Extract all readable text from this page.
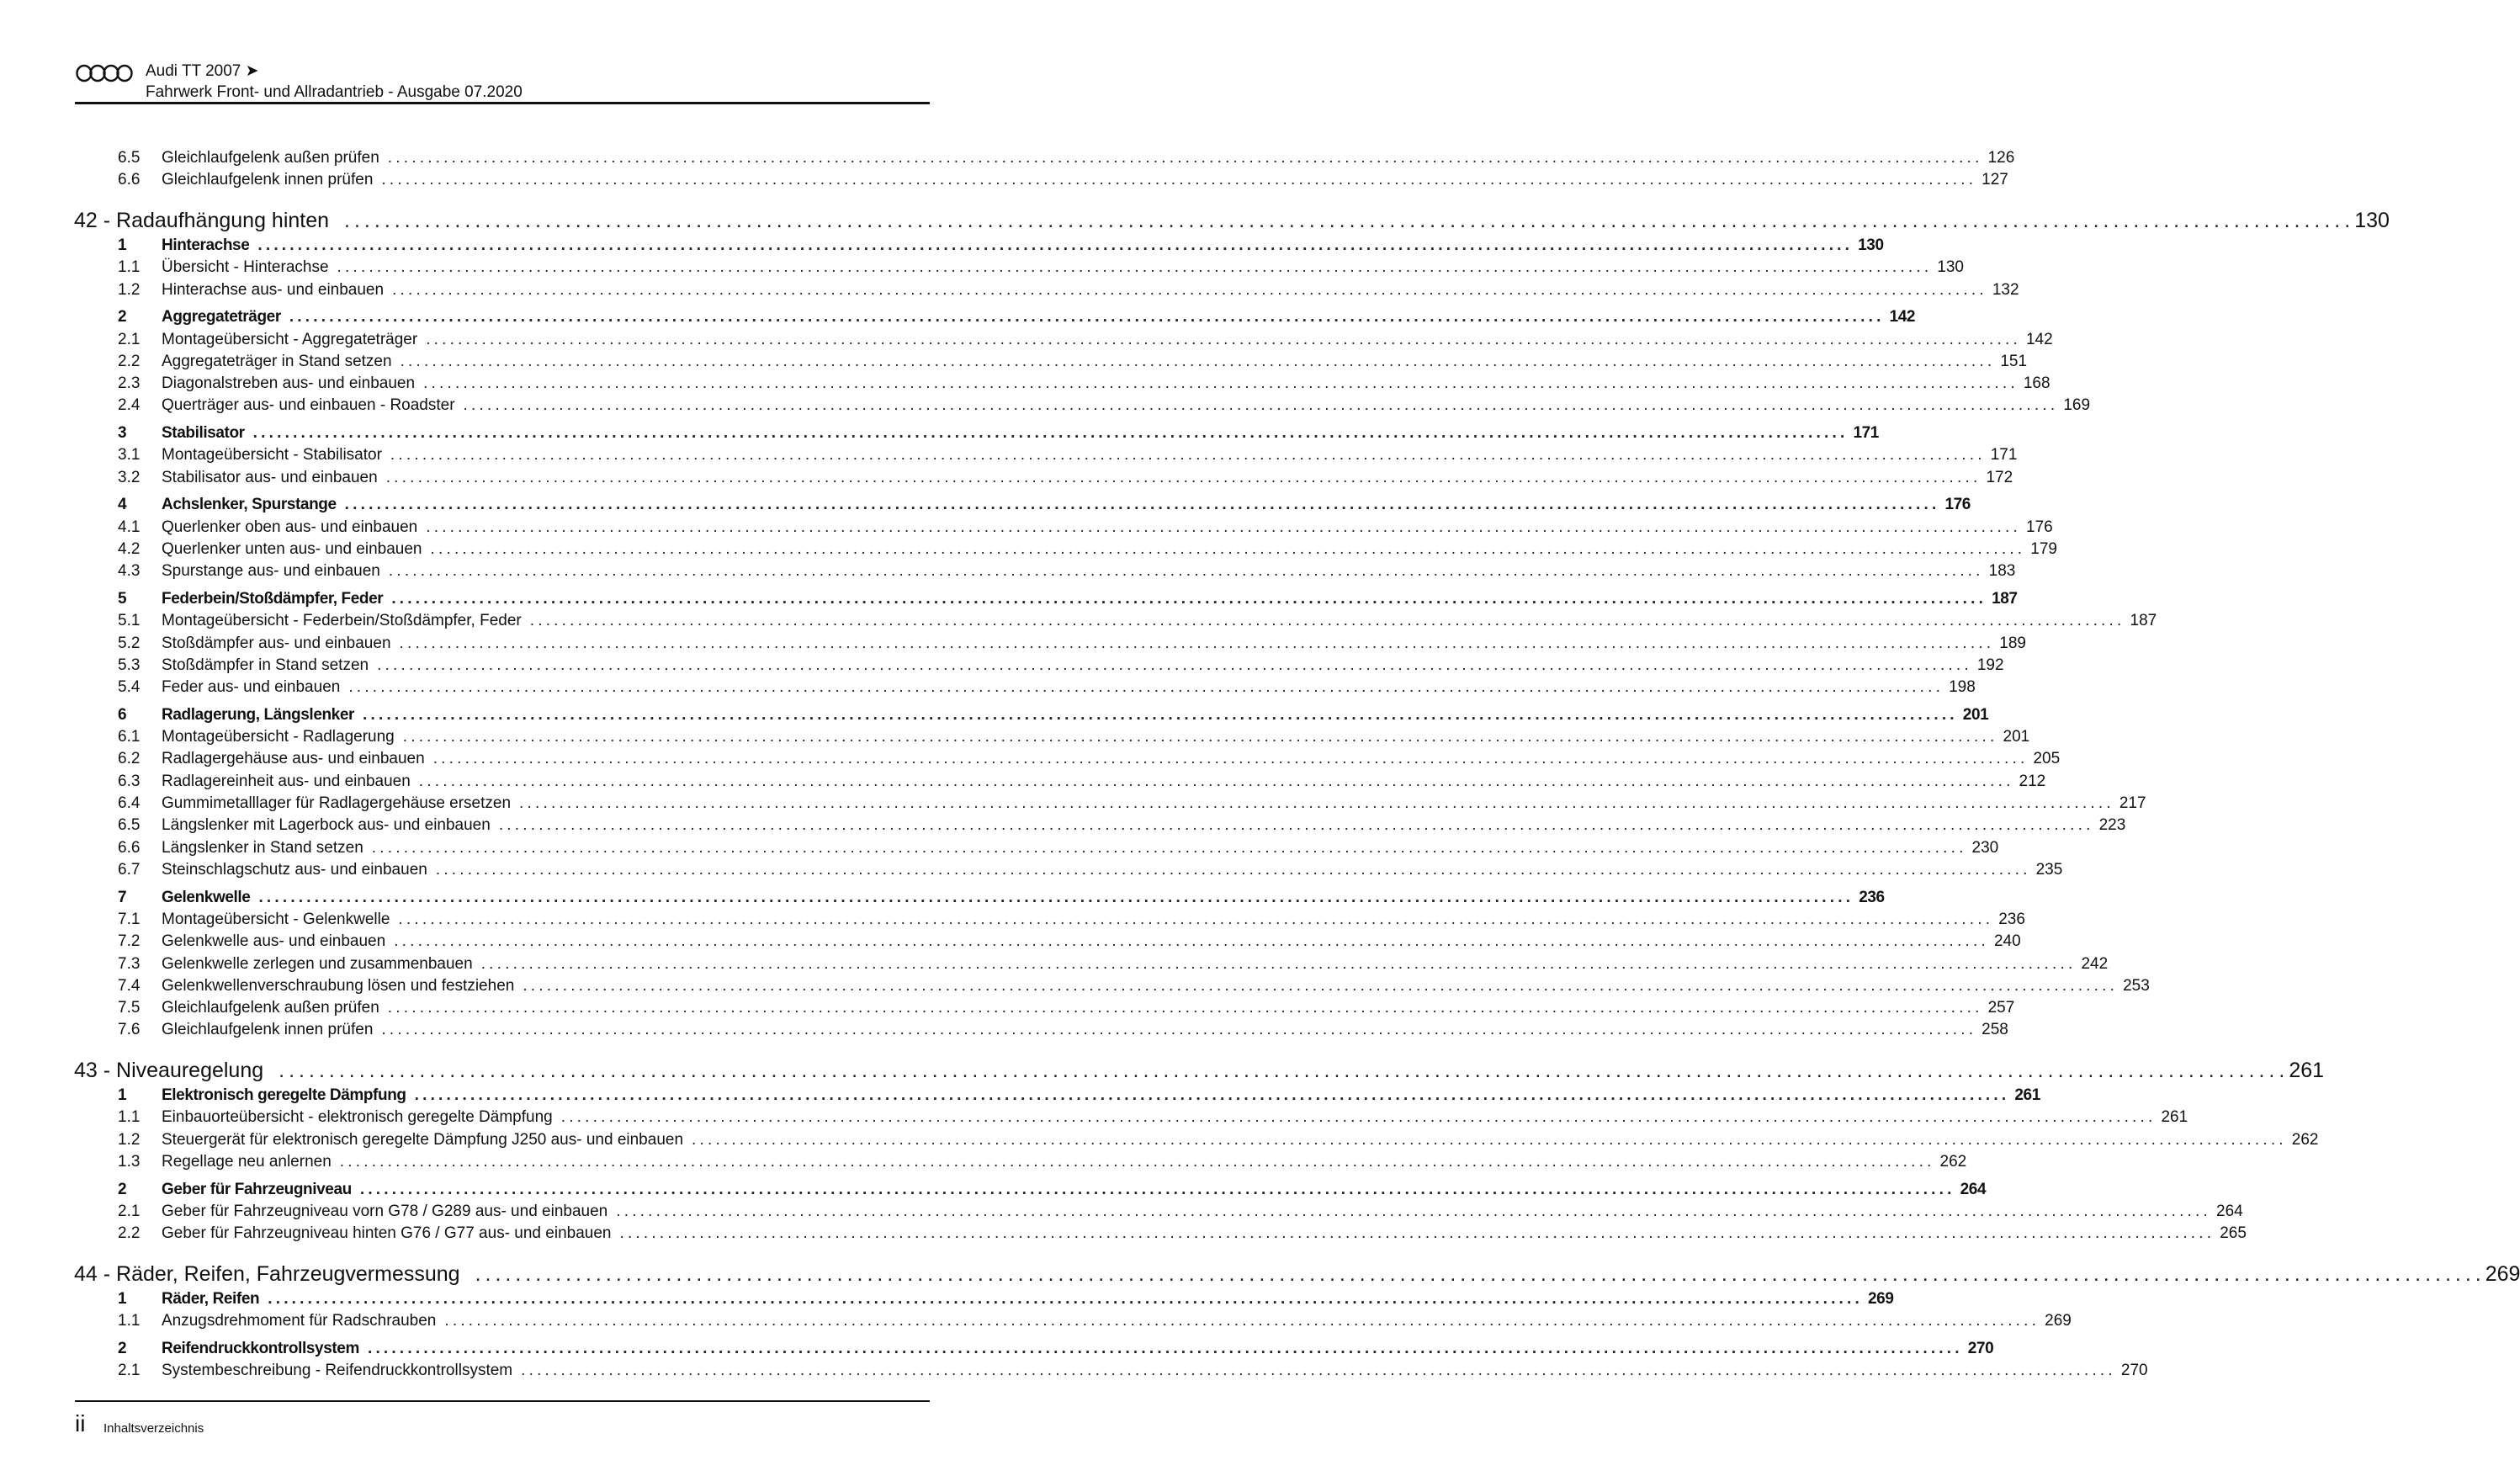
Audi TT 2007 ➤
Fahrwerk Front- und Allradantrieb - Ausgabe 07.2020
6.5	Gleichlaufgelenk außen prüfen ........................................................................................................................................................................................................ 126
6.6	Gleichlaufgelenk innen prüfen ........................................................................................................................................................................................................ 127
42 - Radaufhängung hinten ........................................................................................................................................................................................................ 130
1	Hinterachse ........................................................................................................................................................................................................ 130
1.1	Übersicht - Hinterachse ........................................................................................................................................................................................................ 130
1.2	Hinterachse aus- und einbauen ........................................................................................................................................................................................................ 132
2	Aggregateträger ........................................................................................................................................................................................................ 142
2.1	Montageübersicht - Aggregateträger ........................................................................................................................................................................................................ 142
2.2	Aggregateträger in Stand setzen ........................................................................................................................................................................................................ 151
2.3	Diagonalstreben aus- und einbauen ........................................................................................................................................................................................................ 168
2.4	Querträger aus- und einbauen - Roadster ........................................................................................................................................................................................................ 169
3	Stabilisator ........................................................................................................................................................................................................ 171
3.1	Montageübersicht - Stabilisator ........................................................................................................................................................................................................ 171
3.2	Stabilisator aus- und einbauen ........................................................................................................................................................................................................ 172
4	Achslenker, Spurstange ........................................................................................................................................................................................................ 176
4.1	Querlenker oben aus- und einbauen ........................................................................................................................................................................................................ 176
4.2	Querlenker unten aus- und einbauen ........................................................................................................................................................................................................ 179
4.3	Spurstange aus- und einbauen ........................................................................................................................................................................................................ 183
5	Federbein/Stoßdämpfer, Feder ........................................................................................................................................................................................................ 187
5.1	Montageübersicht - Federbein/Stoßdämpfer, Feder ........................................................................................................................................................................................................ 187
5.2	Stoßdämpfer aus- und einbauen ........................................................................................................................................................................................................ 189
5.3	Stoßdämpfer in Stand setzen ........................................................................................................................................................................................................ 192
5.4	Feder aus- und einbauen ........................................................................................................................................................................................................ 198
6	Radlagerung, Längslenker ........................................................................................................................................................................................................ 201
6.1	Montageübersicht - Radlagerung ........................................................................................................................................................................................................ 201
6.2	Radlagergehäuse aus- und einbauen ........................................................................................................................................................................................................ 205
6.3	Radlagereinheit aus- und einbauen ........................................................................................................................................................................................................ 212
6.4	Gummimetalllager für Radlagergehäuse ersetzen ........................................................................................................................................................................................................ 217
6.5	Längslenker mit Lagerbock aus- und einbauen ........................................................................................................................................................................................................ 223
6.6	Längslenker in Stand setzen ........................................................................................................................................................................................................ 230
6.7	Steinschlagschutz aus- und einbauen ........................................................................................................................................................................................................ 235
7	Gelenkwelle ........................................................................................................................................................................................................ 236
7.1	Montageübersicht - Gelenkwelle ........................................................................................................................................................................................................ 236
7.2	Gelenkwelle aus- und einbauen ........................................................................................................................................................................................................ 240
7.3	Gelenkwelle zerlegen und zusammenbauen ........................................................................................................................................................................................................ 242
7.4	Gelenkwellenverschraubung lösen und festziehen ........................................................................................................................................................................................................ 253
7.5	Gleichlaufgelenk außen prüfen ........................................................................................................................................................................................................ 257
7.6	Gleichlaufgelenk innen prüfen ........................................................................................................................................................................................................ 258
43 - Niveauregelung ........................................................................................................................................................................................................ 261
1	Elektronisch geregelte Dämpfung ........................................................................................................................................................................................................ 261
1.1	Einbauorteübersicht - elektronisch geregelte Dämpfung ........................................................................................................................................................................................................ 261
1.2	Steuergerät für elektronisch geregelte Dämpfung J250 aus- und einbauen ........................................................................................................................................................................................................ 262
1.3	Regellage neu anlernen ........................................................................................................................................................................................................ 262
2	Geber für Fahrzeugniveau ........................................................................................................................................................................................................ 264
2.1	Geber für Fahrzeugniveau vorn G78 / G289 aus- und einbauen ........................................................................................................................................................................................................ 264
2.2	Geber für Fahrzeugniveau hinten G76 / G77 aus- und einbauen ........................................................................................................................................................................................................ 265
44 - Räder, Reifen, Fahrzeugvermessung ........................................................................................................................................................................................................ 269
1	Räder, Reifen ........................................................................................................................................................................................................ 269
1.1	Anzugsdrehmoment für Radschrauben ........................................................................................................................................................................................................ 269
2	Reifendruckkontrollsystem ........................................................................................................................................................................................................ 270
2.1	Systembeschreibung - Reifendruckkontrollsystem ........................................................................................................................................................................................................ 270
ii Inhaltsverzeichnis
